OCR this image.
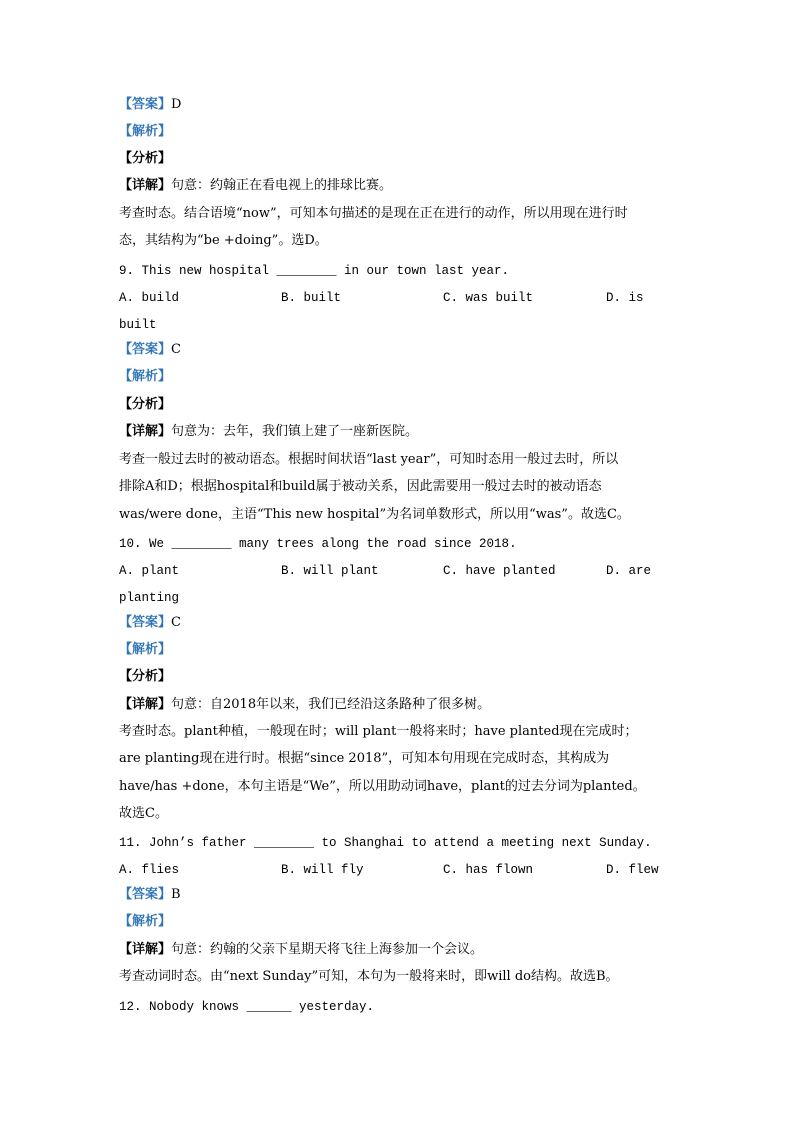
【答案】D
【解析】
【分析】
【详解】句意：约翰正在看电视上的排球比赛。
考查时态。结合语境“now”，可知本句描述的是现在正在进行的动作，所以用现在进行时
态，其结构为“be +doing”。选D。
9. This new hospital ________ in our town last year.
A. build	B. built	C. was built	D. is
built
【答案】C
【解析】
【分析】
【详解】句意为：去年，我们镇上建了一座新医院。
考查一般过去时的被动语态。根据时间状语“last year”，可知时态用一般过去时，所以
排除A和D；根据hospital和build属于被动关系，因此需要用一般过去时的被动语态
was/were done，主语“This new hospital”为名词单数形式，所以用“was”。故选C。
10. We ________ many trees along the road since 2018.
A. plant	B. will plant	C. have planted	D. are
planting
【答案】C
【解析】
【分析】
【详解】句意：自2018年以来，我们已经沿这条路种了很多树。
考查时态。plant种植，一般现在时；will plant一般将来时；have planted现在完成时；
are planting现在进行时。根据“since 2018”，可知本句用现在完成时态，其构成为
have/has +done，本句主语是“We”，所以用助动词have，plant的过去分词为planted。
故选C。
11. John’s father ________ to Shanghai to attend a meeting next Sunday.
A. flies	B. will fly	C. has flown	D. flew
【答案】B
【解析】
【详解】句意：约翰的父亲下星期天将飞往上海参加一个会议。
考查动词时态。由“next Sunday”可知，本句为一般将来时，即will do结构。故选B。
12. Nobody knows ______ yesterday.
